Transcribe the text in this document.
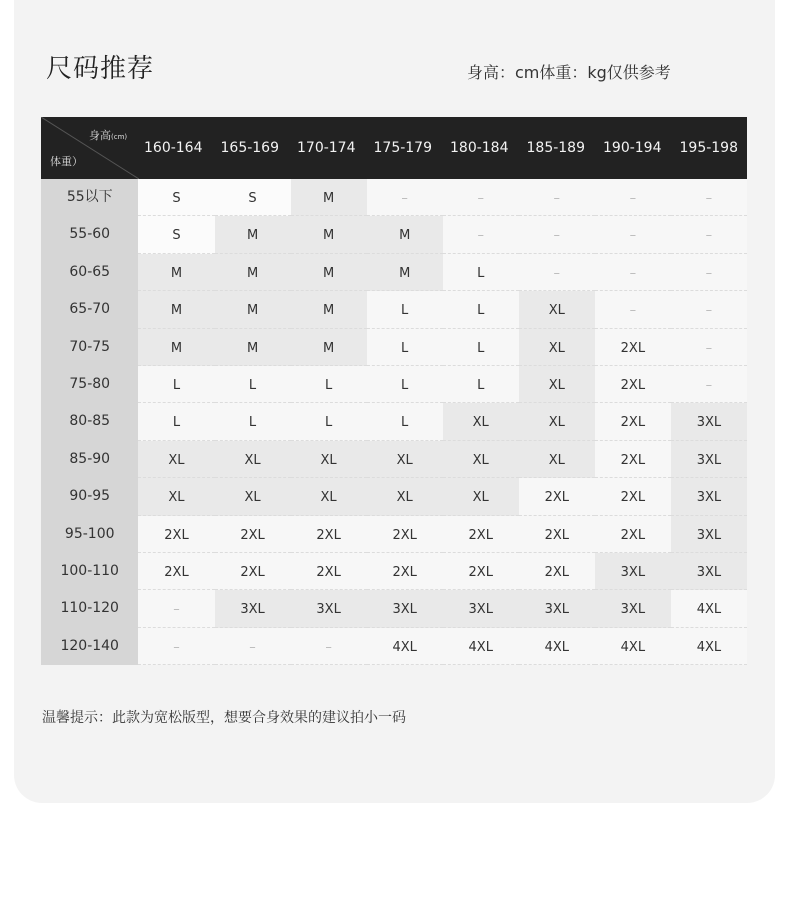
尺码推荐	身高：cm体重：kg仅供参考
身高(cm)
体重）
160-164	165-169	170-174	175-179	180-184	185-189	190-194	195-198
55以下	S	S	M	–	–	–	–	–
55-60	S	M	M	M	–	–	–	–
60-65	M	M	M	M	L	–	–	–
65-70	M	M	M	L	L	XL	–	–
70-75	M	M	M	L	L	XL	2XL	–
75-80	L	L	L	L	L	XL	2XL	–
80-85	L	L	L	L	XL	XL	2XL	3XL
85-90	XL	XL	XL	XL	XL	XL	2XL	3XL
90-95	XL	XL	XL	XL	XL	2XL	2XL	3XL
95-100	2XL	2XL	2XL	2XL	2XL	2XL	2XL	3XL
100-110	2XL	2XL	2XL	2XL	2XL	2XL	3XL	3XL
110-120	–	3XL	3XL	3XL	3XL	3XL	3XL	4XL
120-140	–	–	–	4XL	4XL	4XL	4XL	4XL
温馨提示：此款为宽松版型，想要合身效果的建议拍小一码
